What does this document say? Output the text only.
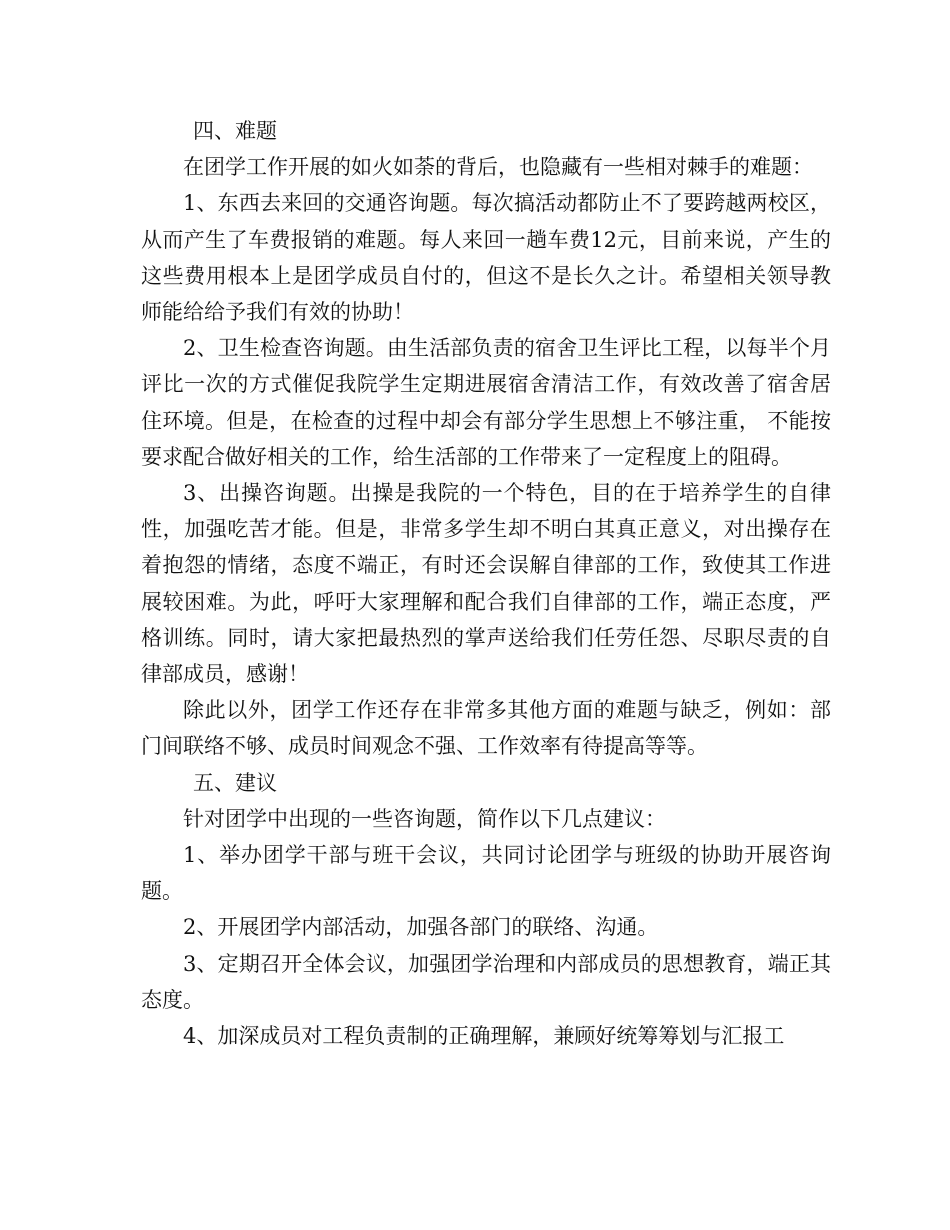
四、难题

在团学工作开展的如火如荼的背后，也隐藏有一些相对棘手的难题：

1、东西去来回的交通咨询题。每次搞活动都防止不了要跨越两校区，从而产生了车费报销的难题。每人来回一趟车费12元，目前来说，产生的这些费用根本上是团学成员自付的，但这不是长久之计。希望相关领导教师能给给予我们有效的协助！

2、卫生检查咨询题。由生活部负责的宿舍卫生评比工程，以每半个月评比一次的方式催促我院学生定期进展宿舍清洁工作，有效改善了宿舍居住环境。但是，在检查的过程中却会有部分学生思想上不够注重， 不能按要求配合做好相关的工作，给生活部的工作带来了一定程度上的阻碍。

3、出操咨询题。出操是我院的一个特色，目的在于培养学生的自律性，加强吃苦才能。但是，非常多学生却不明白其真正意义，对出操存在着抱怨的情绪，态度不端正，有时还会误解自律部的工作，致使其工作进展较困难。为此，呼吁大家理解和配合我们自律部的工作，端正态度，严格训练。同时，请大家把最热烈的掌声送给我们任劳任怨、尽职尽责的自律部成员，感谢！

除此以外，团学工作还存在非常多其他方面的难题与缺乏，例如：部门间联络不够、成员时间观念不强、工作效率有待提高等等。

五、建议

针对团学中出现的一些咨询题，简作以下几点建议：

1、举办团学干部与班干会议，共同讨论团学与班级的协助开展咨询题。

2、开展团学内部活动，加强各部门的联络、沟通。

3、定期召开全体会议，加强团学治理和内部成员的思想教育，端正其态度。

4、加深成员对工程负责制的正确理解，兼顾好统筹筹划与汇报工
